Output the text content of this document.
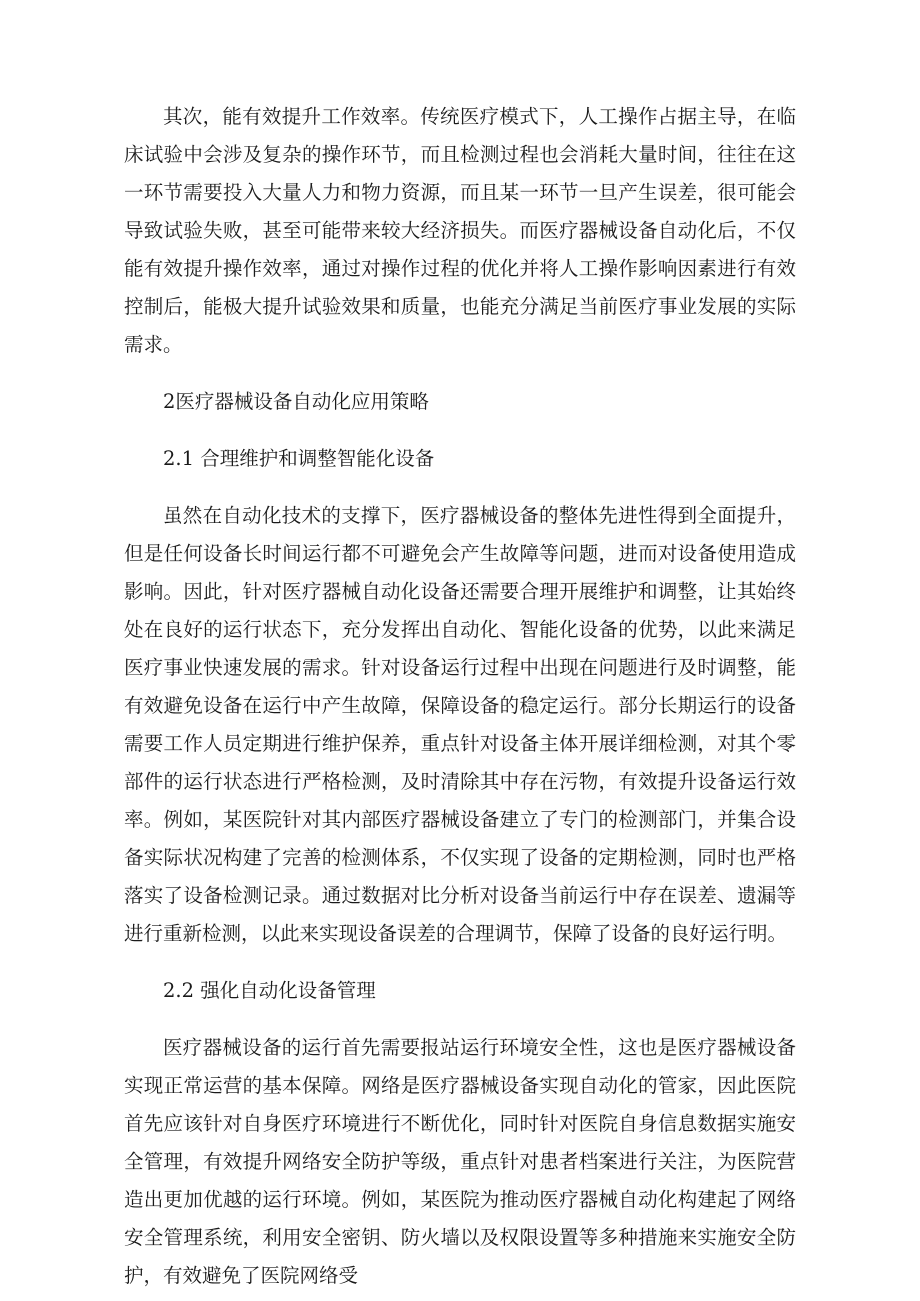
其次，能有效提升工作效率。传统医疗模式下，人工操作占据主导，在临床试验中会涉及复杂的操作环节，而且检测过程也会消耗大量时间，往往在这一环节需要投入大量人力和物力资源，而且某一环节一旦产生误差，很可能会导致试验失败，甚至可能带来较大经济损失。而医疗器械设备自动化后，不仅能有效提升操作效率，通过对操作过程的优化并将人工操作影响因素进行有效控制后，能极大提升试验效果和质量，也能充分满足当前医疗事业发展的实际需求。

2医疗器械设备自动化应用策略

2.1 合理维护和调整智能化设备

虽然在自动化技术的支撑下，医疗器械设备的整体先进性得到全面提升，但是任何设备长时间运行都不可避免会产生故障等问题，进而对设备使用造成影响。因此，针对医疗器械自动化设备还需要合理开展维护和调整，让其始终处在良好的运行状态下，充分发挥出自动化、智能化设备的优势，以此来满足医疗事业快速发展的需求。针对设备运行过程中出现在问题进行及时调整，能有效避免设备在运行中产生故障，保障设备的稳定运行。部分长期运行的设备需要工作人员定期进行维护保养，重点针对设备主体开展详细检测，对其个零部件的运行状态进行严格检测，及时清除其中存在污物，有效提升设备运行效率。例如，某医院针对其内部医疗器械设备建立了专门的检测部门，并集合设备实际状况构建了完善的检测体系，不仅实现了设备的定期检测，同时也严格落实了设备检测记录。通过数据对比分析对设备当前运行中存在误差、遗漏等进行重新检测，以此来实现设备误差的合理调节，保障了设备的良好运行明。

2.2 强化自动化设备管理

医疗器械设备的运行首先需要报站运行环境安全性，这也是医疗器械设备实现正常运营的基本保障。网络是医疗器械设备实现自动化的管家，因此医院首先应该针对自身医疗环境进行不断优化，同时针对医院自身信息数据实施安全管理，有效提升网络安全防护等级，重点针对患者档案进行关注，为医院营造出更加优越的运行环境。例如，某医院为推动医疗器械自动化构建起了网络安全管理系统，利用安全密钥、防火墙以及权限设置等多种措施来实施安全防护，有效避免了医院网络受
